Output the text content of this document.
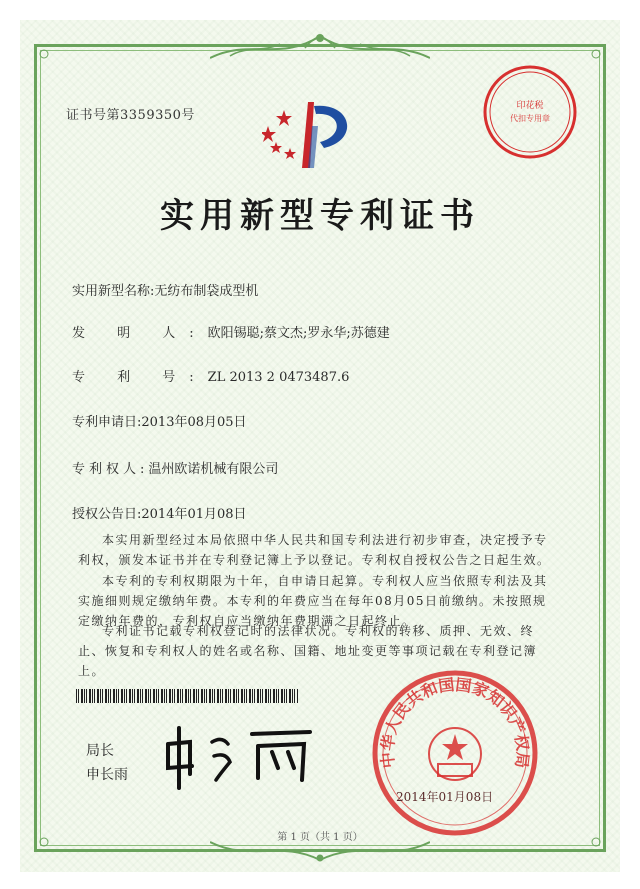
证书号第3359350号
印花税
代扣专用章
实用新型专利证书
实用新型名称:无纺布制袋成型机
发 明 人:欧阳锡聪;蔡文杰;罗永华;苏德建
专 利 号:ZL 2013 2 0473487.6
专利申请日:2013年08月05日
专利权人:温州欧诺机械有限公司
授权公告日:2014年01月08日
本实用新型经过本局依照中华人民共和国专利法进行初步审查，决定授予专利权，颁发本证书并在专利登记簿上予以登记。专利权自授权公告之日起生效。
本专利的专利权期限为十年，自申请日起算。专利权人应当依照专利法及其实施细则规定缴纳年费。本专利的年费应当在每年08月05日前缴纳。未按照规定缴纳年费的，专利权自应当缴纳年费期满之日起终止。
专利证书记载专利权登记时的法律状况。专利权的转移、质押、无效、终止、恢复和专利权人的姓名或名称、国籍、地址变更等事项记载在专利登记簿上。
局长
申长雨
中华人民共和国国家知识产权局
2014年01月08日
第 1 页（共 1 页）
